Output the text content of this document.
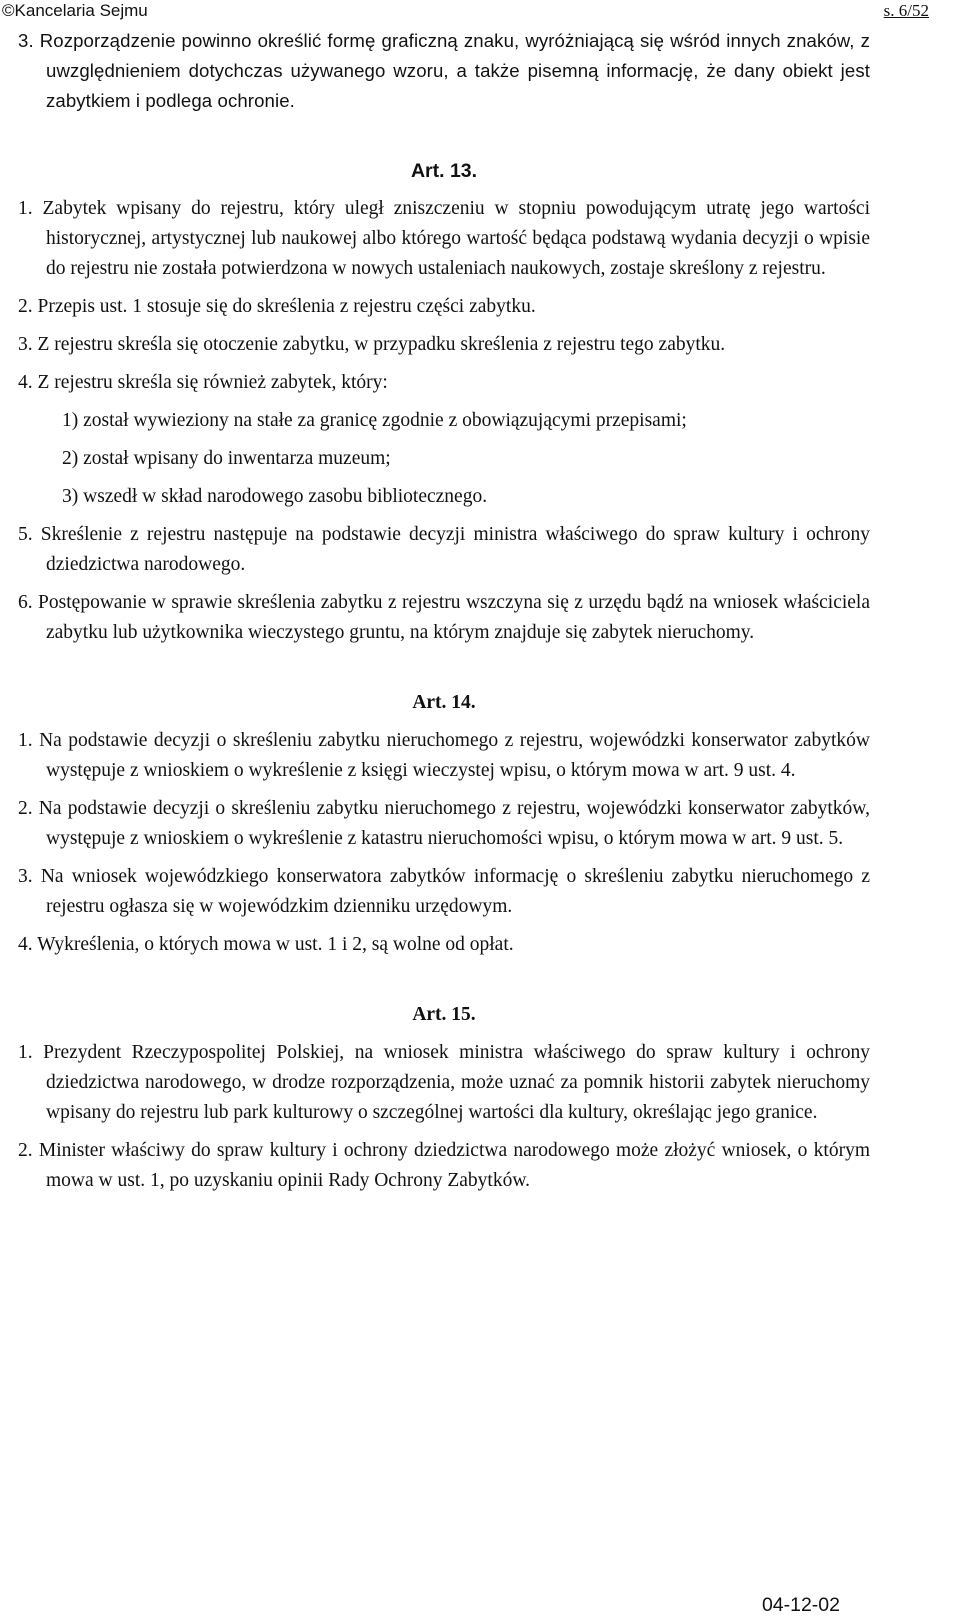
©Kancelaria Sejmu	s. 6/52

3. Rozporządzenie powinno określić formę graficzną znaku, wyróżniającą się wśród innych znaków, z uwzględnieniem dotychczas używanego wzoru, a także pisemną informację, że dany obiekt jest zabytkiem i podlega ochronie.

Art. 13.

1. Zabytek wpisany do rejestru, który uległ zniszczeniu w stopniu powodującym utratę jego wartości historycznej, artystycznej lub naukowej albo którego wartość będąca podstawą wydania decyzji o wpisie do rejestru nie została potwierdzona w nowych ustaleniach naukowych, zostaje skreślony z rejestru.

2. Przepis ust. 1 stosuje się do skreślenia z rejestru części zabytku.

3. Z rejestru skreśla się otoczenie zabytku, w przypadku skreślenia z rejestru tego zabytku.

4. Z rejestru skreśla się również zabytek, który:

1) został wywieziony na stałe za granicę zgodnie z obowiązującymi przepisami;

2) został wpisany do inwentarza muzeum;

3) wszedł w skład narodowego zasobu bibliotecznego.

5. Skreślenie z rejestru następuje na podstawie decyzji ministra właściwego do spraw kultury i ochrony dziedzictwa narodowego.

6. Postępowanie w sprawie skreślenia zabytku z rejestru wszczyna się z urzędu bądź na wniosek właściciela zabytku lub użytkownika wieczystego gruntu, na którym znajduje się zabytek nieruchomy.

Art. 14.

1. Na podstawie decyzji o skreśleniu zabytku nieruchomego z rejestru, wojewódzki konserwator zabytków występuje z wnioskiem o wykreślenie z księgi wieczystej wpisu, o którym mowa w art. 9 ust. 4.

2. Na podstawie decyzji o skreśleniu zabytku nieruchomego z rejestru, wojewódzki konserwator zabytków, występuje z wnioskiem o wykreślenie z katastru nieruchomości wpisu, o którym mowa w art. 9 ust. 5.

3. Na wniosek wojewódzkiego konserwatora zabytków informację o skreśleniu zabytku nieruchomego z rejestru ogłasza się w wojewódzkim dzienniku urzędowym.

4. Wykreślenia, o których mowa w ust. 1 i 2, są wolne od opłat.

Art. 15.

1. Prezydent Rzeczypospolitej Polskiej, na wniosek ministra właściwego do spraw kultury i ochrony dziedzictwa narodowego, w drodze rozporządzenia, może uznać za pomnik historii zabytek nieruchomy wpisany do rejestru lub park kulturowy o szczególnej wartości dla kultury, określając jego granice.

2. Minister właściwy do spraw kultury i ochrony dziedzictwa narodowego może złożyć wniosek, o którym mowa w ust. 1, po uzyskaniu opinii Rady Ochrony Zabytków.

04-12-02
